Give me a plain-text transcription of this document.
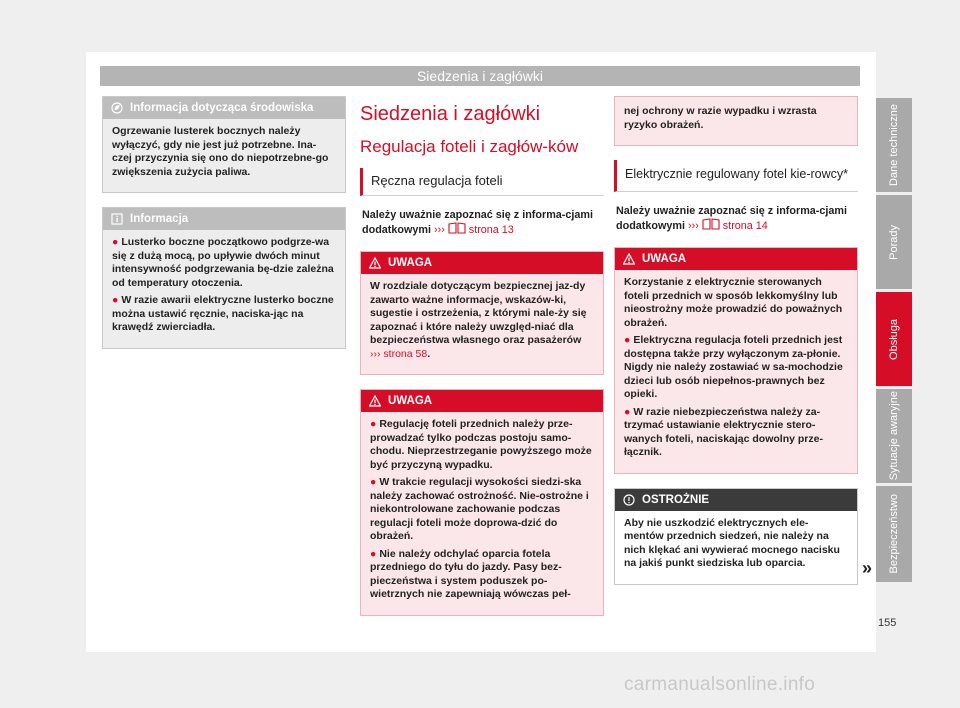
Siedzenia i zagłówki
Informacja dotycząca środowiska

Ogrzewanie lusterek bocznych należy wyłączyć, gdy nie jest już potrzebne. Ina-czej przyczynia się ono do niepotrzebne-go zwiększenia zużycia paliwa.

Informacja

● Lusterko boczne początkowo podgrze-wa się z dużą mocą, po upływie dwóch minut intensywność podgrzewania bę-dzie zależna od temperatury otoczenia.

● W razie awarii elektryczne lusterko boczne można ustawić ręcznie, naciska-jąc na krawędź zwierciadła.

Siedzenia i zagłówki
Regulacja foteli i zagłów-ków
Ręczna regulacja foteli
Należy uważnie zapoznać się z informa-cjami dodatkowymi ››› strona 13
UWAGA

W rozdziale dotyczącym bezpiecznej jaz-dy zawarto ważne informacje, wskazów-ki, sugestie i ostrzeżenia, z którymi nale-ży się zapoznać i które należy uwzględ-niać dla bezpieczeństwa własnego oraz pasażerów ››› strona 58.

UWAGA

● Regulację foteli przednich należy prze-prowadzać tylko podczas postoju samo-chodu. Nieprzestrzeganie powyższego może być przyczyną wypadku.

● W trakcie regulacji wysokości siedzi-ska należy zachować ostrożność. Nie-ostrożne i niekontrolowane zachowanie podczas regulacji foteli może doprowa-dzić do obrażeń.

● Nie należy odchylać oparcia fotela przedniego do tyłu do jazdy. Pasy bez-pieczeństwa i system poduszek po-wietrznych nie zapewniają wówczas peł-

nej ochrony w razie wypadku i wzrasta ryzyko obrażeń.

Elektrycznie regulowany fotel kie-rowcy*
Należy uważnie zapoznać się z informa-cjami dodatkowymi ››› strona 14
UWAGA

Korzystanie z elektrycznie sterowanych foteli przednich w sposób lekkomyślny lub nieostrożny może prowadzić do poważnych obrażeń.

● Elektryczna regulacja foteli przednich jest dostępna także przy wyłączonym za-płonie. Nigdy nie należy zostawiać w sa-mochodzie dzieci lub osób niepełnos-prawnych bez opieki.

● W razie niebezpieczeństwa należy za-trzymać ustawianie elektrycznie stero-wanych foteli, naciskając dowolny prze-łącznik.

OSTROŻNIE

Aby nie uszkodzić elektrycznych ele-mentów przednich siedzeń, nie należy na nich klękać ani wywierać mocnego nacisku na jakiś punkt siedziska lub oparcia.	»
Dane techniczne
Porady
Obsługa
Sytuacje awaryjne
Bezpieczeństwo
155
carmanualsonline.info
